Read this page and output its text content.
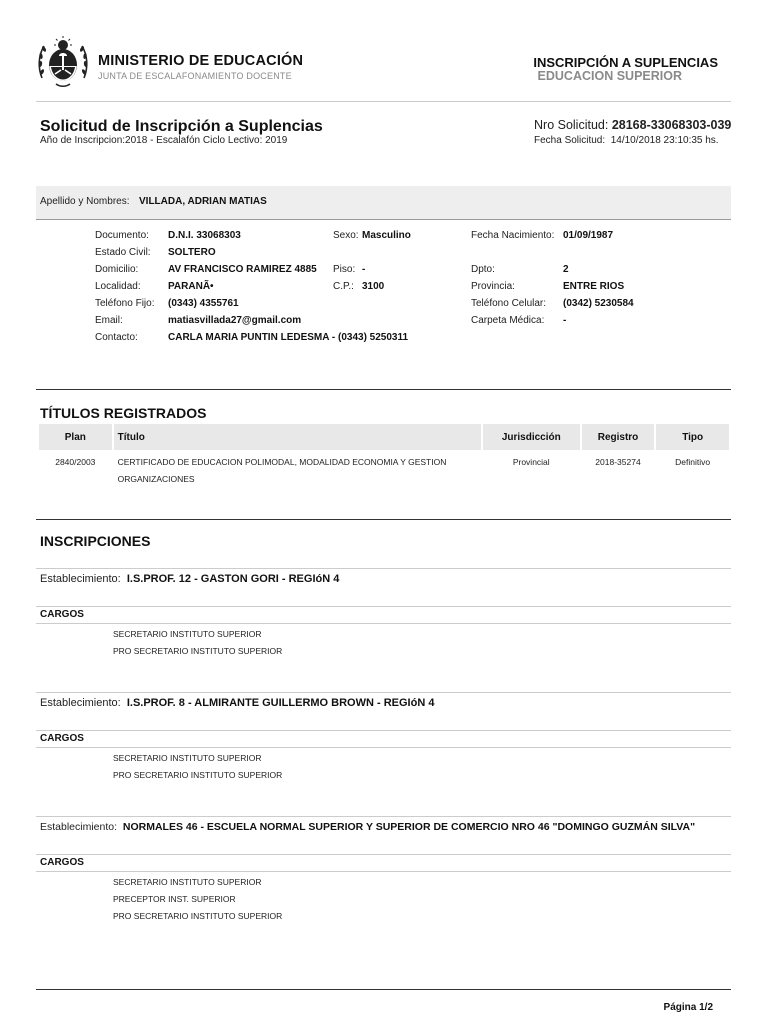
MINISTERIO DE EDUCACIÓN
JUNTA DE ESCALAFONAMIENTO DOCENTE
INSCRIPCIÓN A SUPLENCIAS
EDUCACION SUPERIOR
Solicitud de Inscripción a Suplencias
Año de Inscripcion:2018 - Escalafón Ciclo Lectivo: 2019
Nro Solicitud: 28168-33068303-039
Fecha Solicitud: 14/10/2018 23:10:35 hs.
Apellido y Nombres: VILLADA, ADRIAN MATIAS
Documento: D.N.I. 33068303	Sexo: Masculino	Fecha Nacimiento: 01/09/1987
Estado Civil: SOLTERO
Domicilio:	AV FRANCISCO RAMIREZ 4885 Piso: -	Dpto:	2
Localidad:	PARANÃ•	C.P.: 3100	Provincia:	ENTRE RIOS
Teléfono Fijo: (0343) 4355761	Teléfono Celular: (0342) 5230584
Email:	matiasvillada27@gmail.com	Carpeta Médica: -
Contacto:	CARLA MARIA PUNTIN LEDESMA - (0343) 5250311
TÍTULOS REGISTRADOS
Plan	Título	Jurisdicción	Registro	Tipo
2840/2003	CERTIFICADO DE EDUCACION POLIMODAL, MODALIDAD ECONOMIA Y GESTION ORGANIZACIONES	Provincial	2018-35274	Definitivo
INSCRIPCIONES
Establecimiento: I.S.PROF. 12 - GASTON GORI - REGIóN 4
CARGOS
SECRETARIO INSTITUTO SUPERIOR
PRO SECRETARIO INSTITUTO SUPERIOR
Establecimiento: I.S.PROF. 8 - ALMIRANTE GUILLERMO BROWN - REGIóN 4
CARGOS
SECRETARIO INSTITUTO SUPERIOR
PRO SECRETARIO INSTITUTO SUPERIOR
Establecimiento: NORMALES 46 - ESCUELA NORMAL SUPERIOR Y SUPERIOR DE COMERCIO NRO 46 "DOMINGO GUZMÁN SILVA"
CARGOS
SECRETARIO INSTITUTO SUPERIOR
PRECEPTOR INST. SUPERIOR
PRO SECRETARIO INSTITUTO SUPERIOR
Página 1/2
